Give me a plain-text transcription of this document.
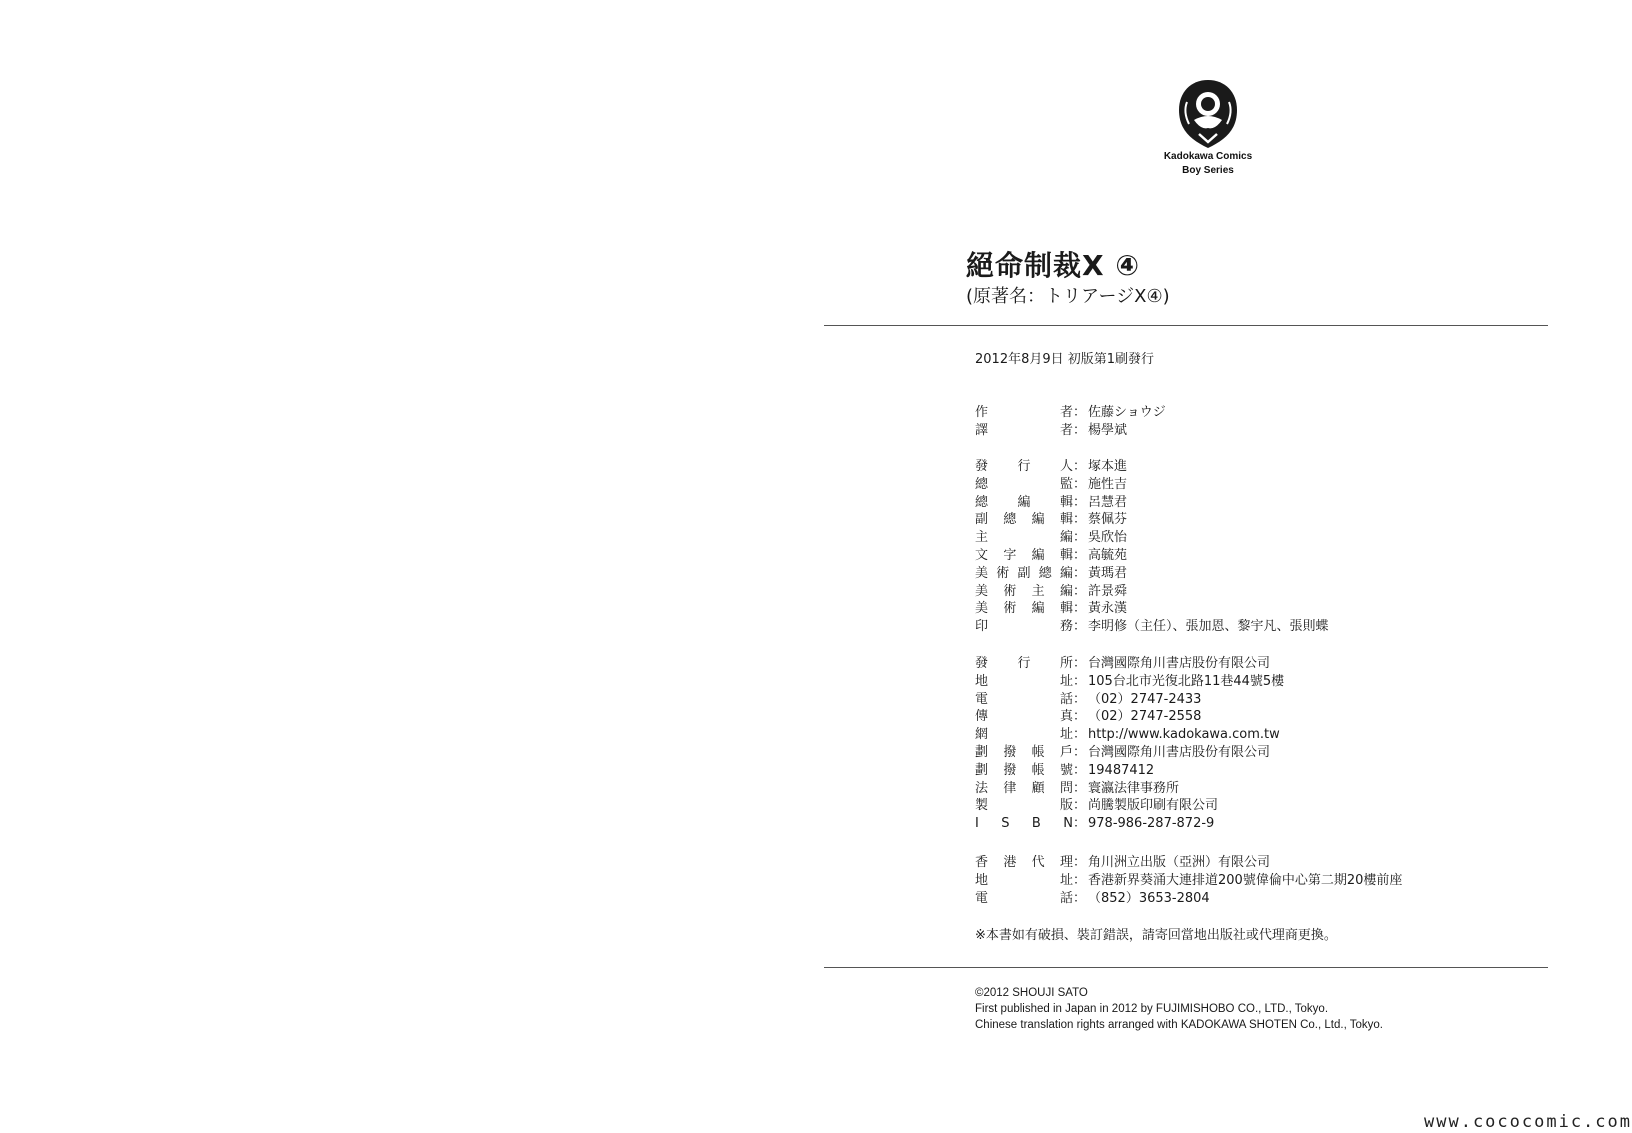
Kadokawa Comics
Boy Series
絕命制裁X ④
(原著名：トリアージX④)
2012年8月9日 初版第1刷發行
作	者 ： 佐藤ショウジ
譯	者 ： 楊學斌
發 行 人 ： 塚本進
總	監 ： 施性吉
總 編 輯 ： 呂慧君
副 總 編 輯 ： 蔡佩芬
主	編 ： 吳欣怡
文 字 編 輯 ： 高毓苑
美 術 副 總 編 ： 黃瑪君
美 術 主 編 ： 許景舜
美 術 編 輯 ： 黃永漢
印	務 ： 李明修（主任）、張加恩、黎宇凡、張則蝶
發 行 所 ： 台灣國際角川書店股份有限公司
地	址 ： 105台北市光復北路11巷44號5樓
電	話 ： （02）2747-2433
傳	真 ： （02）2747-2558
網	址 ： http://www.kadokawa.com.tw
劃 撥 帳 戶 ： 台灣國際角川書店股份有限公司
劃 撥 帳 號 ： 19487412
法 律 顧 問 ： 寰瀛法律事務所
製	版 ： 尚騰製版印刷有限公司
I S B N ： 978-986-287-872-9
香 港 代 理 ： 角川洲立出版（亞洲）有限公司
地	址 ： 香港新界葵涌大連排道200號偉倫中心第二期20樓前座
電	話 ： （852）3653-2804
※本書如有破損、裝訂錯誤，請寄回當地出版社或代理商更換。
©2012 SHOUJI SATO
First published in Japan in 2012 by FUJIMISHOBO CO., LTD., Tokyo.
Chinese translation rights arranged with KADOKAWA SHOTEN Co., Ltd., Tokyo.
www.cococomic.com
